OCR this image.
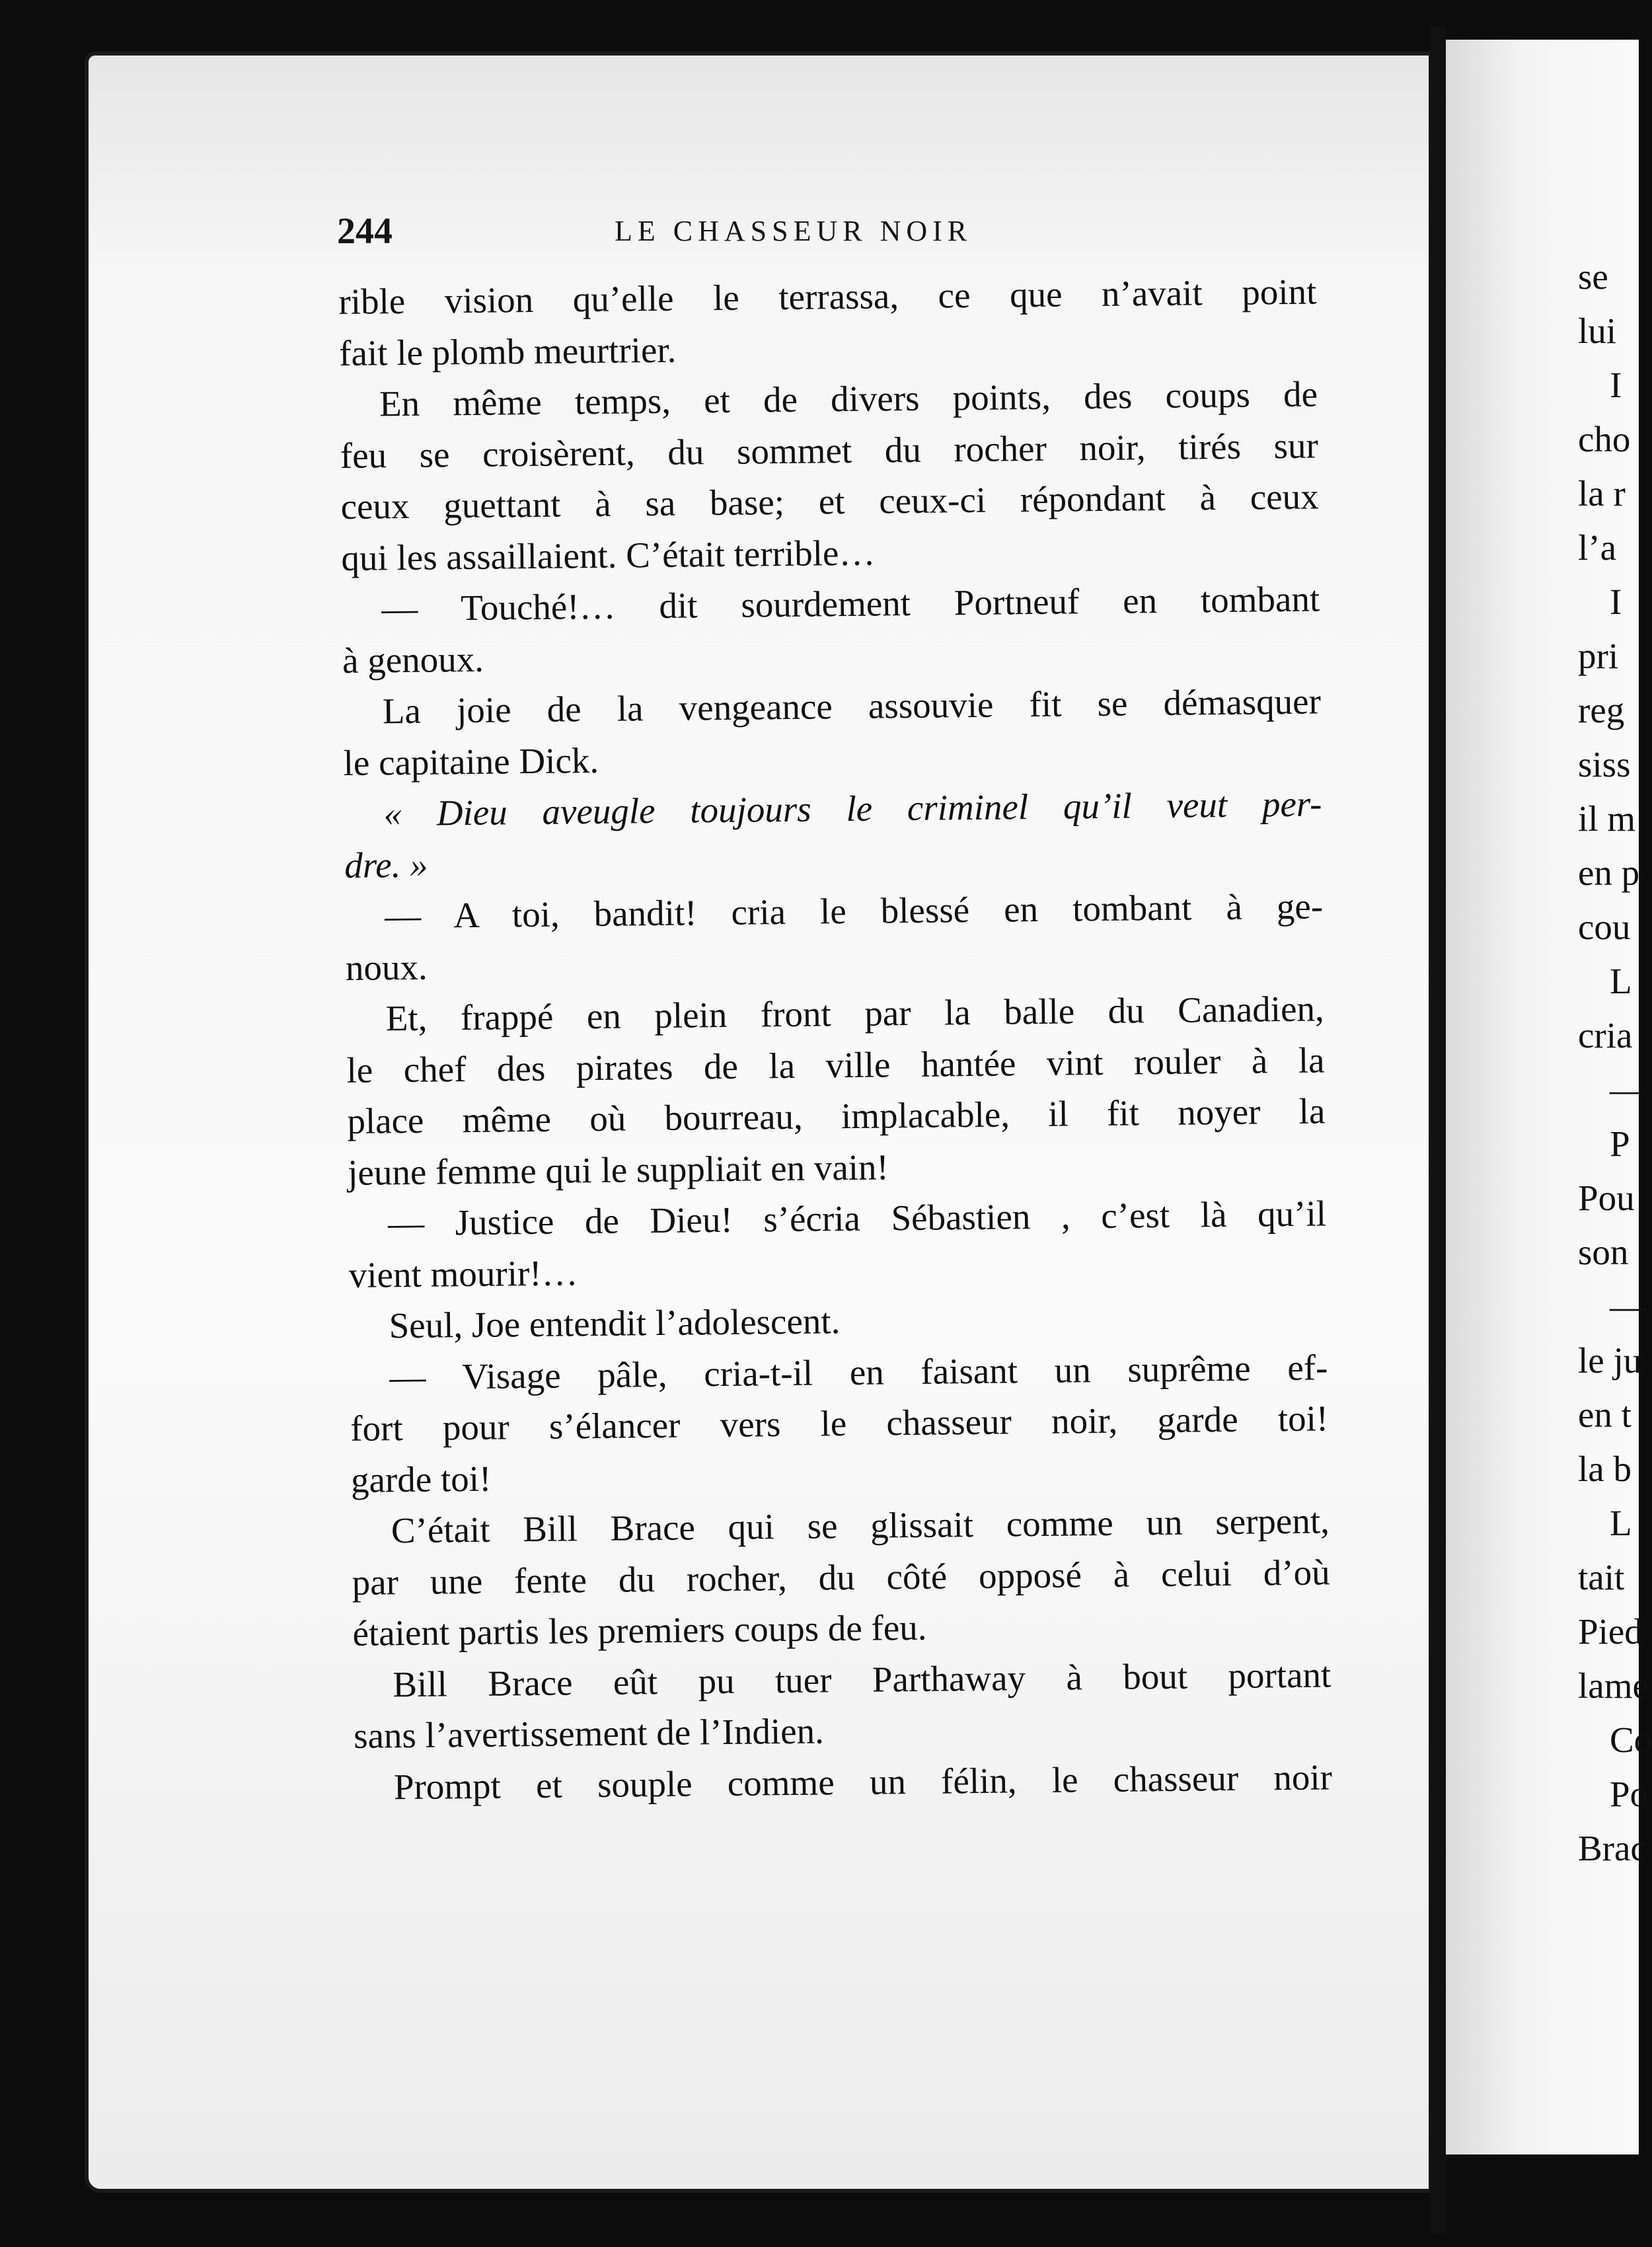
244	LE CHASSEUR NOIR
rible vision qu’elle le terrassa, ce que n’avait point
fait le plomb meurtrier.
En même temps, et de divers points, des coups de
feu se croisèrent, du sommet du rocher noir, tirés sur
ceux guettant à sa base; et ceux-ci répondant à ceux
qui les assaillaient. C’était terrible…
— Touché!… dit sourdement Portneuf en tombant
à genoux.
La joie de la vengeance assouvie fit se démasquer
le capitaine Dick.
« Dieu aveugle toujours le criminel qu’il veut per-
dre. »
— A toi, bandit! cria le blessé en tombant à ge-
noux.
Et, frappé en plein front par la balle du Canadien,
le chef des pirates de la ville hantée vint rouler à la
place même où bourreau, implacable, il fit noyer la
jeune femme qui le suppliait en vain!
— Justice de Dieu! s’écria Sébastien , c’est là qu’il
vient mourir!…
Seul, Joe entendit l’adolescent.
— Visage pâle, cria-t-il en faisant un suprême ef-
fort pour s’élancer vers le chasseur noir, garde toi!
garde toi!
C’était Bill Brace qui se glissait comme un serpent,
par une fente du rocher, du côté opposé à celui d’où
étaient partis les premiers coups de feu.
Bill Brace eût pu tuer Parthaway à bout portant
sans l’avertissement de l’Indien.
Prompt et souple comme un félin, le chasseur noir
se
lui
I
cho
la r
l’a
I
pri
reg
siss
il m
en p
cou
L
cria
—
P
Pou
son
—
le ju
en t
la b
L
tait
Pied
lame
Co
Po
Brac
